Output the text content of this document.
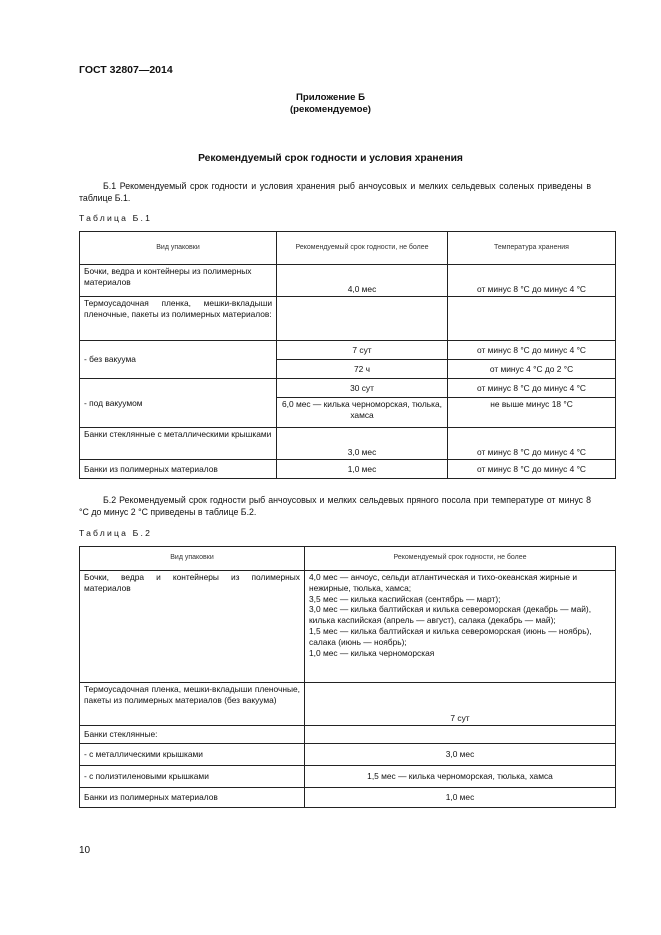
ГОСТ 32807—2014
Приложение Б
(рекомендуемое)
Рекомендуемый срок годности и условия хранения
Б.1 Рекомендуемый срок годности и условия хранения рыб анчоусовых и мелких сельдевых соленых приведены в таблице Б.1.
Таблица Б.1
Вид упаковки	Рекомендуемый срок годности, не более	Температура хранения
Бочки, ведра и контейнеры из полимерных материалов	4,0 мес	от минус 8 °С до минус 4 °С
Термоусадочная пленка, мешки-вкладыши пленочные, пакеты из полимерных материалов:		
- без вакуума	7 сут	от минус 8 °С до минус 4 °С
	72 ч	от минус 4 °С до 2 °С
- под вакуумом	30 сут	от минус 8 °С до минус 4 °С
	6,0 мес — килька черноморская, тюлька, хамса	не выше минус 18 °С
Банки стеклянные с металлическими крышками	3,0 мес	от минус 8 °С до минус 4 °С
Банки из полимерных материалов	1,0 мес	от минус 8 °С до минус 4 °С
Б.2 Рекомендуемый срок годности рыб анчоусовых и мелких сельдевых пряного посола при температуре от минус 8 °С до минус 2 °С приведены в таблице Б.2.
Таблица Б.2
Вид упаковки	Рекомендуемый срок годности, не более
Бочки, ведра и контейнеры из полимерных материалов	4,0 мес — анчоус, сельди атлантическая и тихо-океанская жирные и нежирные, тюлька, хамса;
3,5 мес — килька каспийская (сентябрь — март);
3,0 мес — килька балтийская и килька североморская (декабрь — май), килька каспийская (апрель — август), салака (декабрь — май);
1,5 мес — килька балтийская и килька североморская (июнь — ноябрь), салака (июнь — ноябрь);
1,0 мес — килька черноморская

Термоусадочная пленка, мешки-вкладыши пленочные, пакеты из полимерных материалов (без вакуума)	7 сут
Банки стеклянные:	
- с металлическими крышками	3,0 мес
- с полиэтиленовыми крышками	1,5 мес — килька черноморская, тюлька, хамса
Банки из полимерных материалов	1,0 мес
10
